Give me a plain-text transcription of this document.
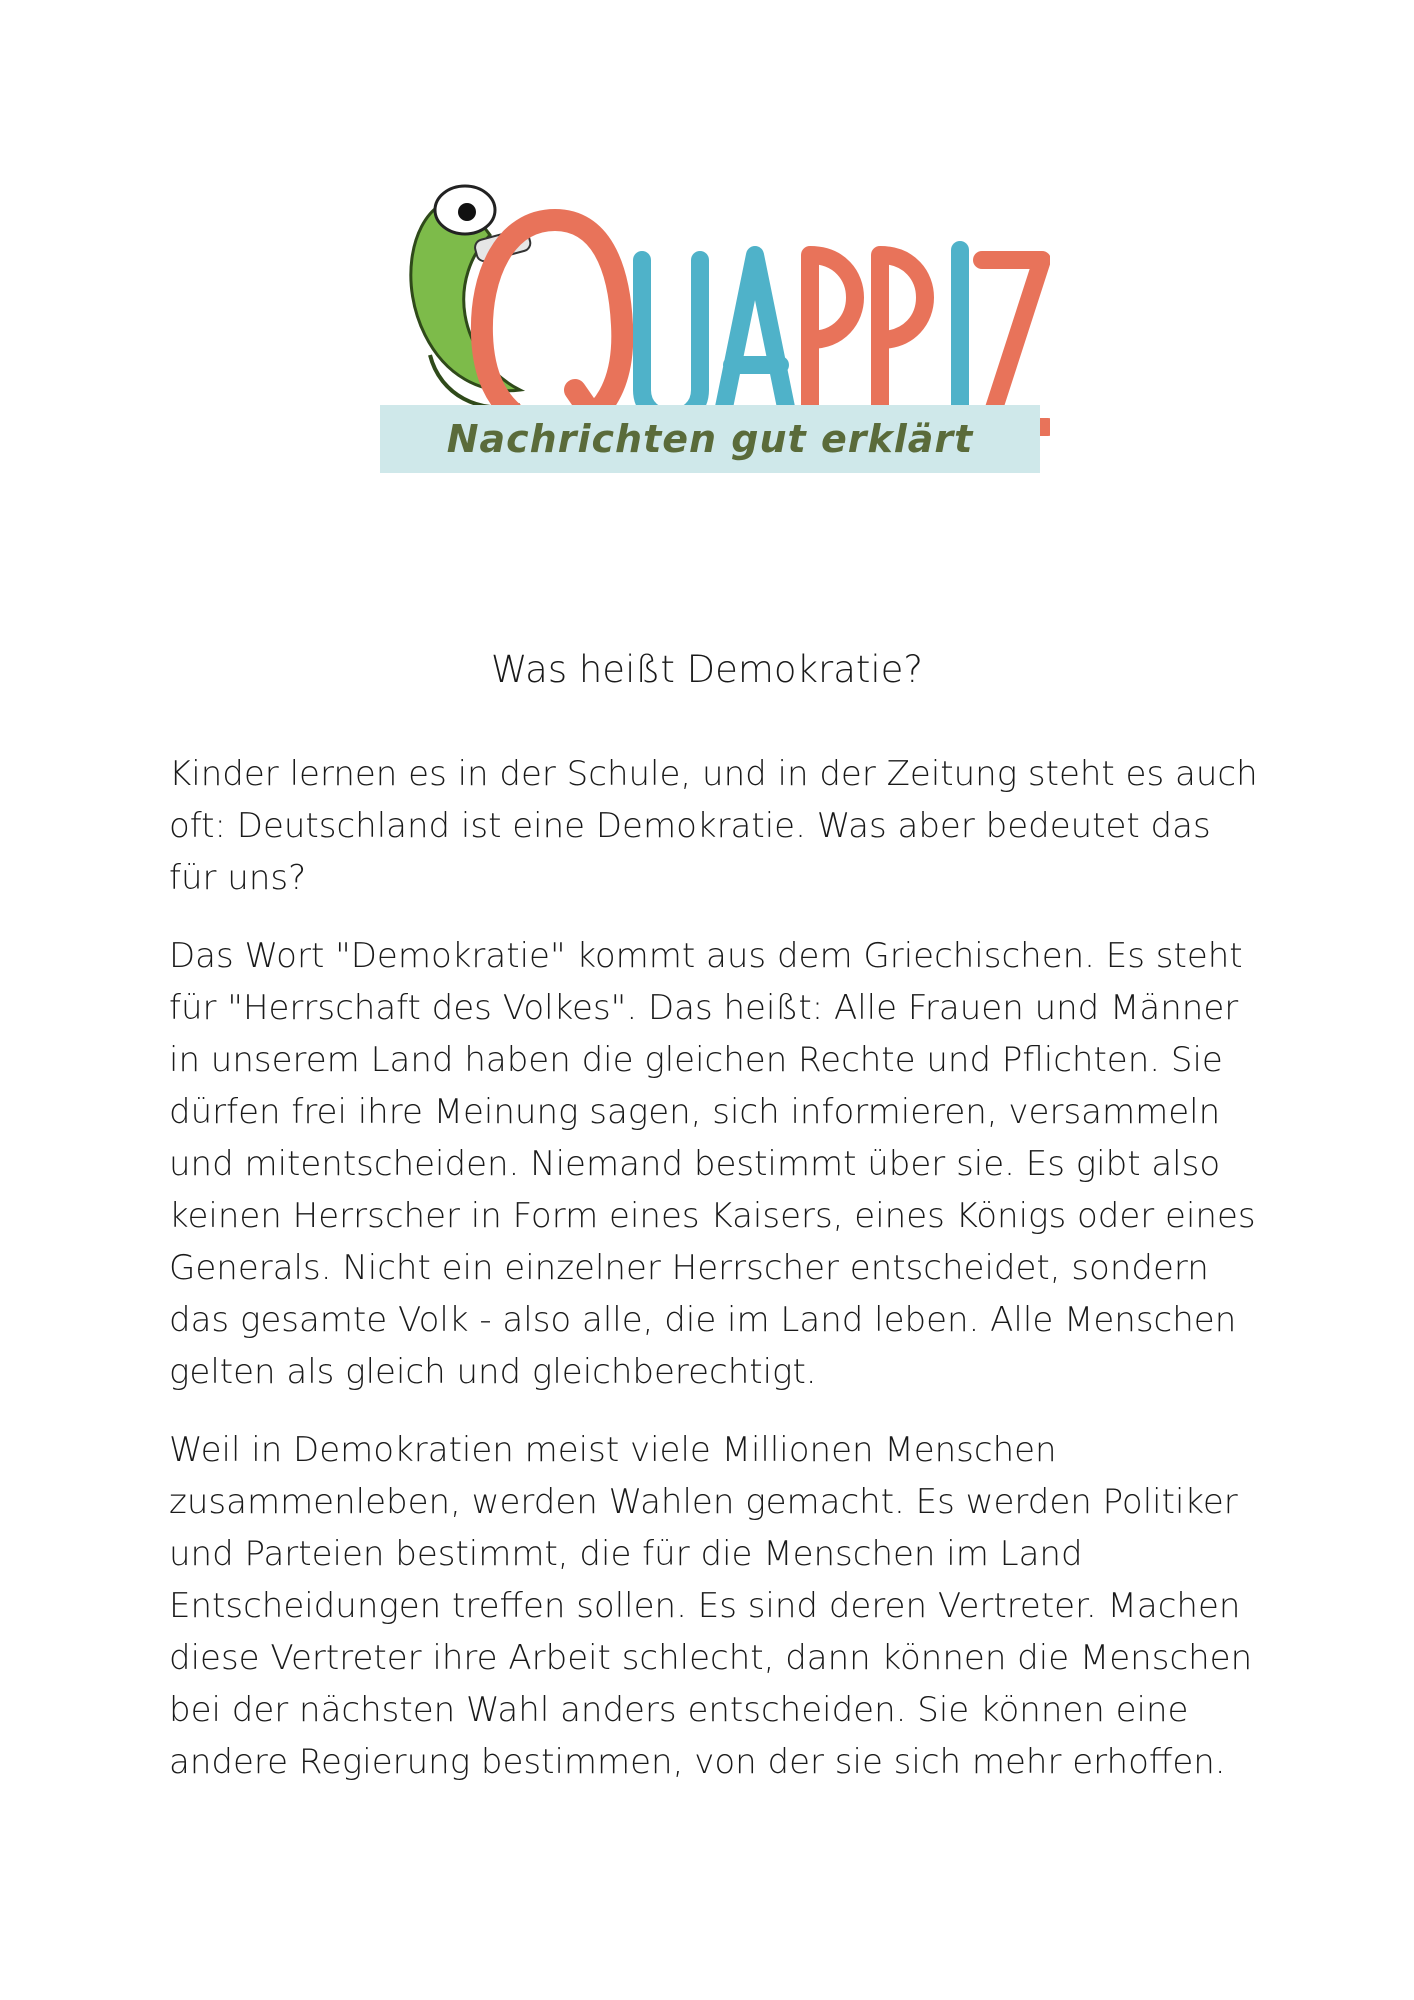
Nachrichten gut erklärt
Was heißt Demokratie?

Kinder lernen es in der Schule, und in der Zeitung steht es auch oft: Deutschland ist eine Demokratie. Was aber bedeutet das für uns?

Das Wort "Demokratie" kommt aus dem Griechischen. Es steht für "Herrschaft des Volkes". Das heißt: Alle Frauen und Männer in unserem Land haben die gleichen Rechte und Pflichten. Sie dürfen frei ihre Meinung sagen, sich informieren, versammeln und mitentscheiden. Niemand bestimmt über sie. Es gibt also keinen Herrscher in Form eines Kaisers, eines Königs oder eines Generals. Nicht ein einzelner Herrscher entscheidet, sondern das gesamte Volk - also alle, die im Land leben. Alle Menschen gelten als gleich und gleichberechtigt.

Weil in Demokratien meist viele Millionen Menschen zusammenleben, werden Wahlen gemacht. Es werden Politiker und Parteien bestimmt, die für die Menschen im Land Entscheidungen treffen sollen. Es sind deren Vertreter. Machen diese Vertreter ihre Arbeit schlecht, dann können die Menschen bei der nächsten Wahl anders entscheiden. Sie können eine andere Regierung bestimmen, von der sie sich mehr erhoffen.
